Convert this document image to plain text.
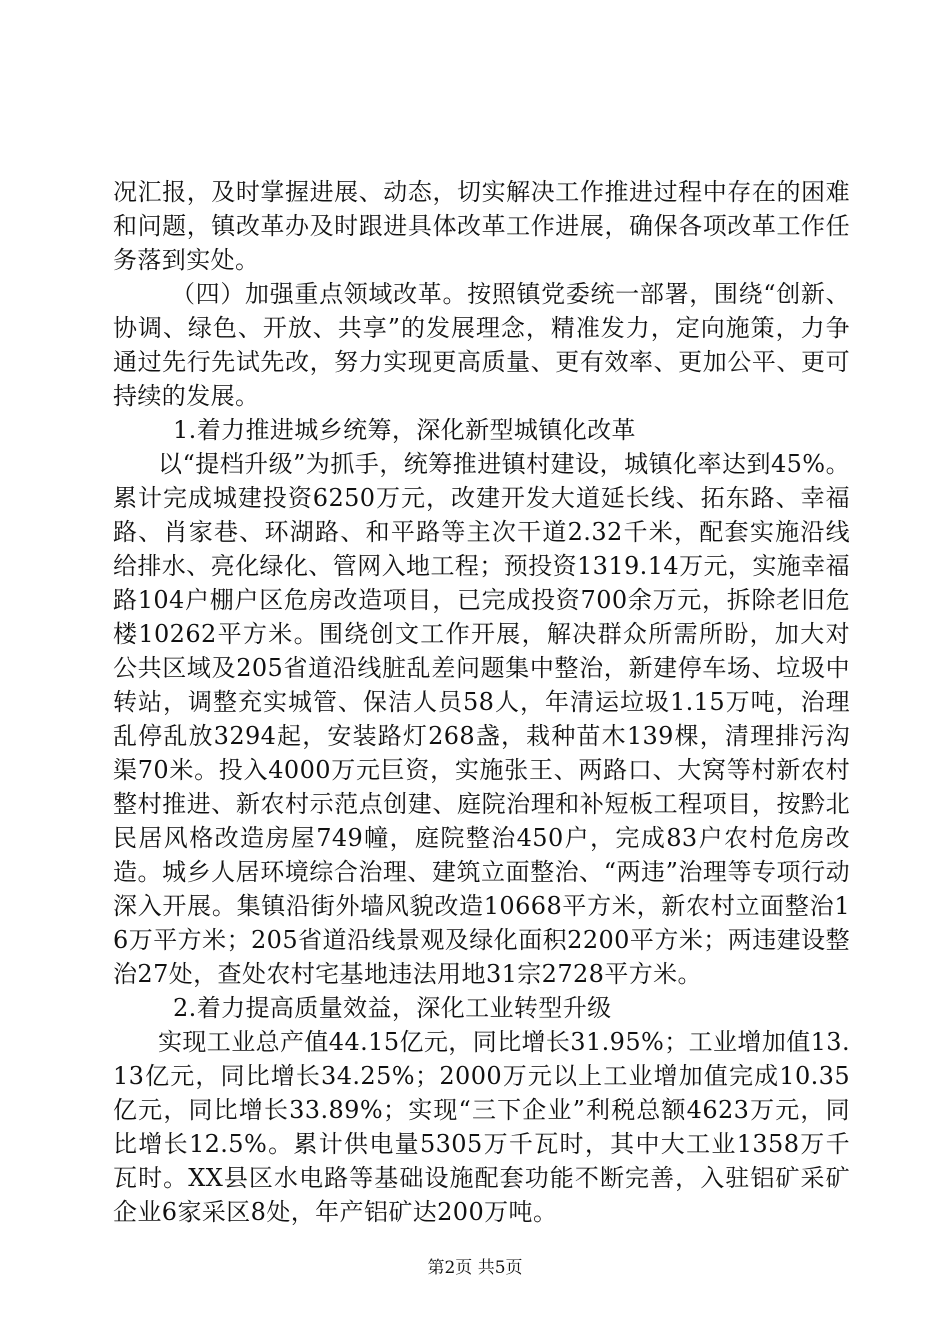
况汇报，及时掌握进展、动态，切实解决工作推进过程中存在的困难和问题，镇改革办及时跟进具体改革工作进展，确保各项改革工作任务落到实处。

（四）加强重点领域改革。按照镇党委统一部署，围绕“创新、协调、绿色、开放、共享”的发展理念，精准发力，定向施策，力争通过先行先试先改，努力实现更高质量、更有效率、更加公平、更可持续的发展。

1.着力推进城乡统筹，深化新型城镇化改革

以“提档升级”为抓手，统筹推进镇村建设，城镇化率达到45%。累计完成城建投资6250万元，改建开发大道延长线、拓东路、幸福路、肖家巷、环湖路、和平路等主次干道2.32千米，配套实施沿线给排水、亮化绿化、管网入地工程；预投资1319.14万元，实施幸福路104户棚户区危房改造项目，已完成投资700余万元，拆除老旧危楼10262平方米。围绕创文工作开展，解决群众所需所盼，加大对公共区域及205省道沿线脏乱差问题集中整治，新建停车场、垃圾中转站，调整充实城管、保洁人员58人，年清运垃圾1.15万吨，治理乱停乱放3294起，安装路灯268盏，栽种苗木139棵，清理排污沟渠70米。投入4000万元巨资，实施张王、两路口、大窝等村新农村整村推进、新农村示范点创建、庭院治理和补短板工程项目，按黔北民居风格改造房屋749幢，庭院整治450户，完成83户农村危房改造。城乡人居环境综合治理、建筑立面整治、“两违”治理等专项行动深入开展。集镇沿街外墙风貌改造10668平方米，新农村立面整治16万平方米；205省道沿线景观及绿化面积2200平方米；两违建设整治27处，查处农村宅基地违法用地31宗2728平方米。

2.着力提高质量效益，深化工业转型升级

实现工业总产值44.15亿元，同比增长31.95%；工业增加值13.13亿元，同比增长34.25%；2000万元以上工业增加值完成10.35亿元，同比增长33.89%；实现“三下企业”利税总额4623万元，同比增长12.5%。累计供电量5305万千瓦时，其中大工业1358万千瓦时。XX县区水电路等基础设施配套功能不断完善，入驻铝矿采矿企业6家采区8处，年产铝矿达200万吨。

第2页 共5页
